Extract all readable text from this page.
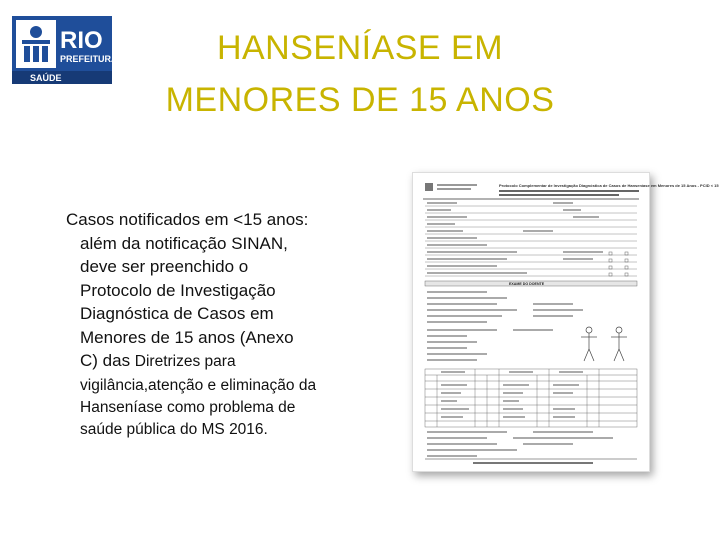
RIO
PREFEITURA
SAÚDE
HANSENÍASE EM
MENORES DE 15 ANOS
Casos notificados em <15 anos:
além da notificação SINAN,
deve ser preenchido o
Protocolo de Investigação
Diagnóstica de Casos em
Menores de 15 anos (Anexo
C) das Diretrizes para
vigilância,atenção e eliminação da
Hanseníase como problema de
saúde pública do MS 2016.
Protocolo Complementar de Investigação Diagnóstica de Casos de Hanseníase em Menores de 15 Anos - PCID < 15
EXAME DO DOENTE
